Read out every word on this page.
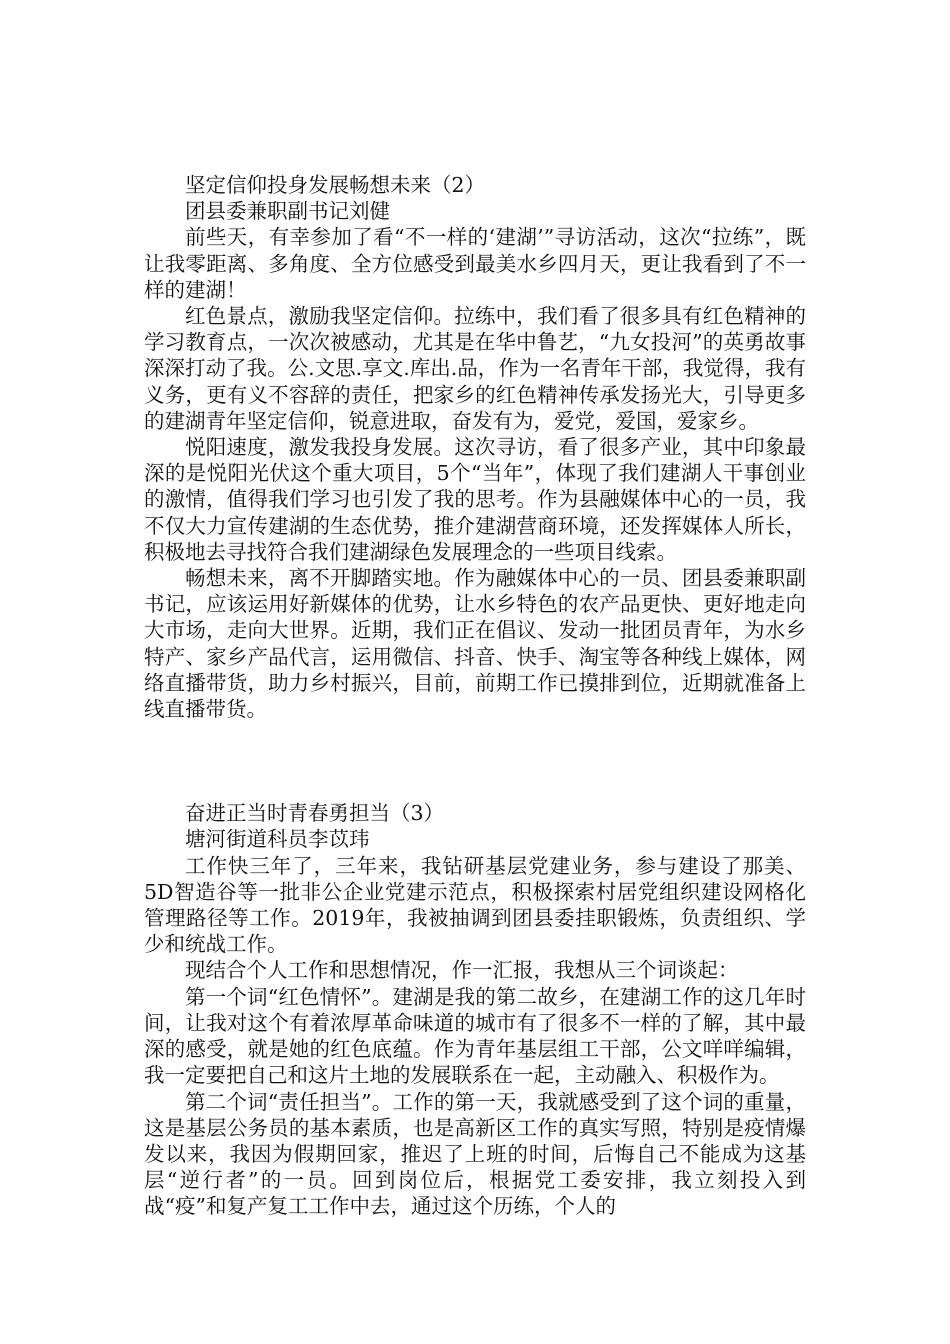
坚定信仰投身发展畅想未来（2）

团县委兼职副书记刘健

前些天，有幸参加了看“不一样的‘建湖’”寻访活动，这次“拉练”，既让我零距离、多角度、全方位感受到最美水乡四月天，更让我看到了不一样的建湖！

红色景点，激励我坚定信仰。拉练中，我们看了很多具有红色精神的学习教育点，一次次被感动，尤其是在华中鲁艺，“九女投河”的英勇故事深深打动了我。公.文思.享文.库出.品，作为一名青年干部，我觉得，我有义务，更有义不容辞的责任，把家乡的红色精神传承发扬光大，引导更多的建湖青年坚定信仰，锐意进取，奋发有为，爱党，爱国，爱家乡。

悦阳速度，激发我投身发展。这次寻访，看了很多产业，其中印象最深的是悦阳光伏这个重大项目，5个“当年”，体现了我们建湖人干事创业的激情，值得我们学习也引发了我的思考。作为县融媒体中心的一员，我不仅大力宣传建湖的生态优势，推介建湖营商环境，还发挥媒体人所长，积极地去寻找符合我们建湖绿色发展理念的一些项目线索。

畅想未来，离不开脚踏实地。作为融媒体中心的一员、团县委兼职副书记，应该运用好新媒体的优势，让水乡特色的农产品更快、更好地走向大市场，走向大世界。近期，我们正在倡议、发动一批团员青年，为水乡特产、家乡产品代言，运用微信、抖音、快手、淘宝等各种线上媒体，网络直播带货，助力乡村振兴，目前，前期工作已摸排到位，近期就准备上线直播带货。

奋进正当时青春勇担当（3）

塘河街道科员李苡玮

工作快三年了，三年来，我钻研基层党建业务，参与建设了那美、5D智造谷等一批非公企业党建示范点，积极探索村居党组织建设网格化管理路径等工作。2019年，我被抽调到团县委挂职锻炼，负责组织、学少和统战工作。

现结合个人工作和思想情况，作一汇报，我想从三个词谈起：

第一个词“红色情怀”。建湖是我的第二故乡，在建湖工作的这几年时间，让我对这个有着浓厚革命味道的城市有了很多不一样的了解，其中最深的感受，就是她的红色底蕴。作为青年基层组工干部，公文咩咩编辑，我一定要把自己和这片土地的发展联系在一起，主动融入、积极作为。

第二个词“责任担当”。工作的第一天，我就感受到了这个词的重量，这是基层公务员的基本素质，也是高新区工作的真实写照，特别是疫情爆发以来，我因为假期回家，推迟了上班的时间，后悔自己不能成为这基层“逆行者”的一员。回到岗位后，根据党工委安排，我立刻投入到战“疫”和复产复工工作中去，通过这个历练，个人的
